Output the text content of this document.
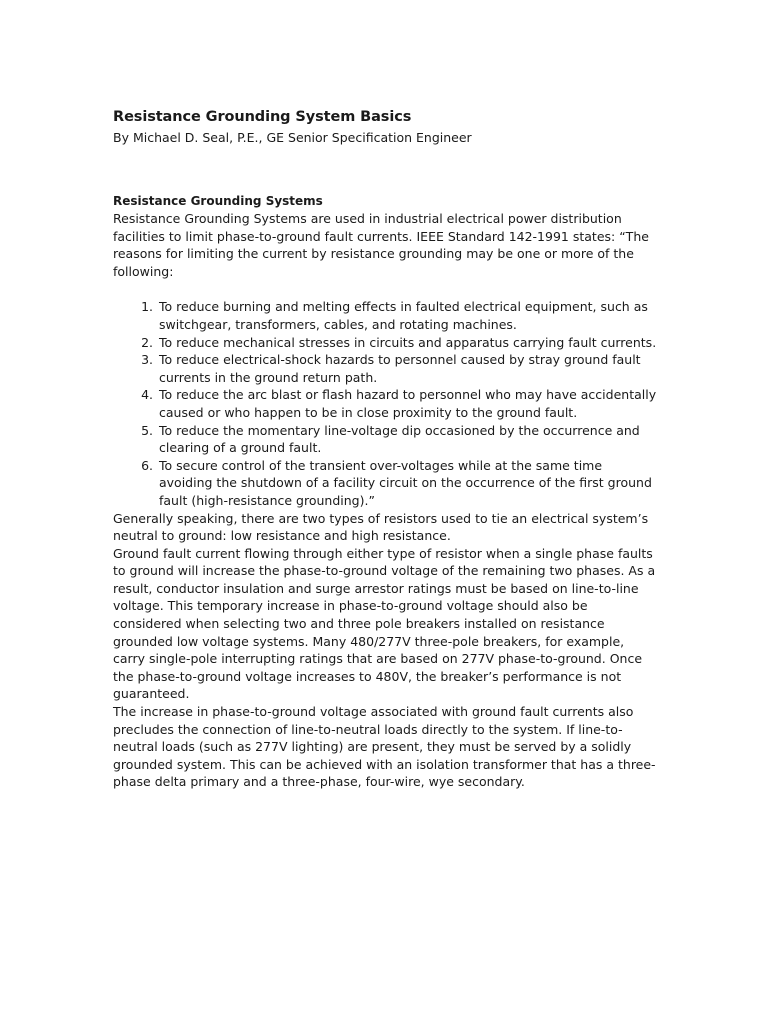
Resistance Grounding System Basics
By Michael D. Seal, P.E., GE Senior Specification Engineer
Resistance Grounding Systems

Resistance Grounding Systems are used in industrial electrical power distribution facilities to limit phase-to-ground fault currents. IEEE Standard 142-1991 states: “The reasons for limiting the current by resistance grounding may be one or more of the following:

1. To reduce burning and melting effects in faulted electrical equipment, such as switchgear, transformers, cables, and rotating machines.
2. To reduce mechanical stresses in circuits and apparatus carrying fault currents.
3. To reduce electrical-shock hazards to personnel caused by stray ground fault currents in the ground return path.
4. To reduce the arc blast or flash hazard to personnel who may have accidentally caused or who happen to be in close proximity to the ground fault.
5. To reduce the momentary line-voltage dip occasioned by the occurrence and clearing of a ground fault.
6. To secure control of the transient over-voltages while at the same time avoiding the shutdown of a facility circuit on the occurrence of the first ground fault (high-resistance grounding).”

Generally speaking, there are two types of resistors used to tie an electrical system’s neutral to ground: low resistance and high resistance.

Ground fault current flowing through either type of resistor when a single phase faults to ground will increase the phase-to-ground voltage of the remaining two phases. As a result, conductor insulation and surge arrestor ratings must be based on line-to-line voltage. This temporary increase in phase-to-ground voltage should also be considered when selecting two and three pole breakers installed on resistance grounded low voltage systems. Many 480/277V three-pole breakers, for example, carry single-pole interrupting ratings that are based on 277V phase-to-ground. Once the phase-to-ground voltage increases to 480V, the breaker’s performance is not guaranteed.

The increase in phase-to-ground voltage associated with ground fault currents also precludes the connection of line-to-neutral loads directly to the system. If line-to-neutral loads (such as 277V lighting) are present, they must be served by a solidly grounded system. This can be achieved with an isolation transformer that has a three-phase delta primary and a three-phase, four-wire, wye secondary.
